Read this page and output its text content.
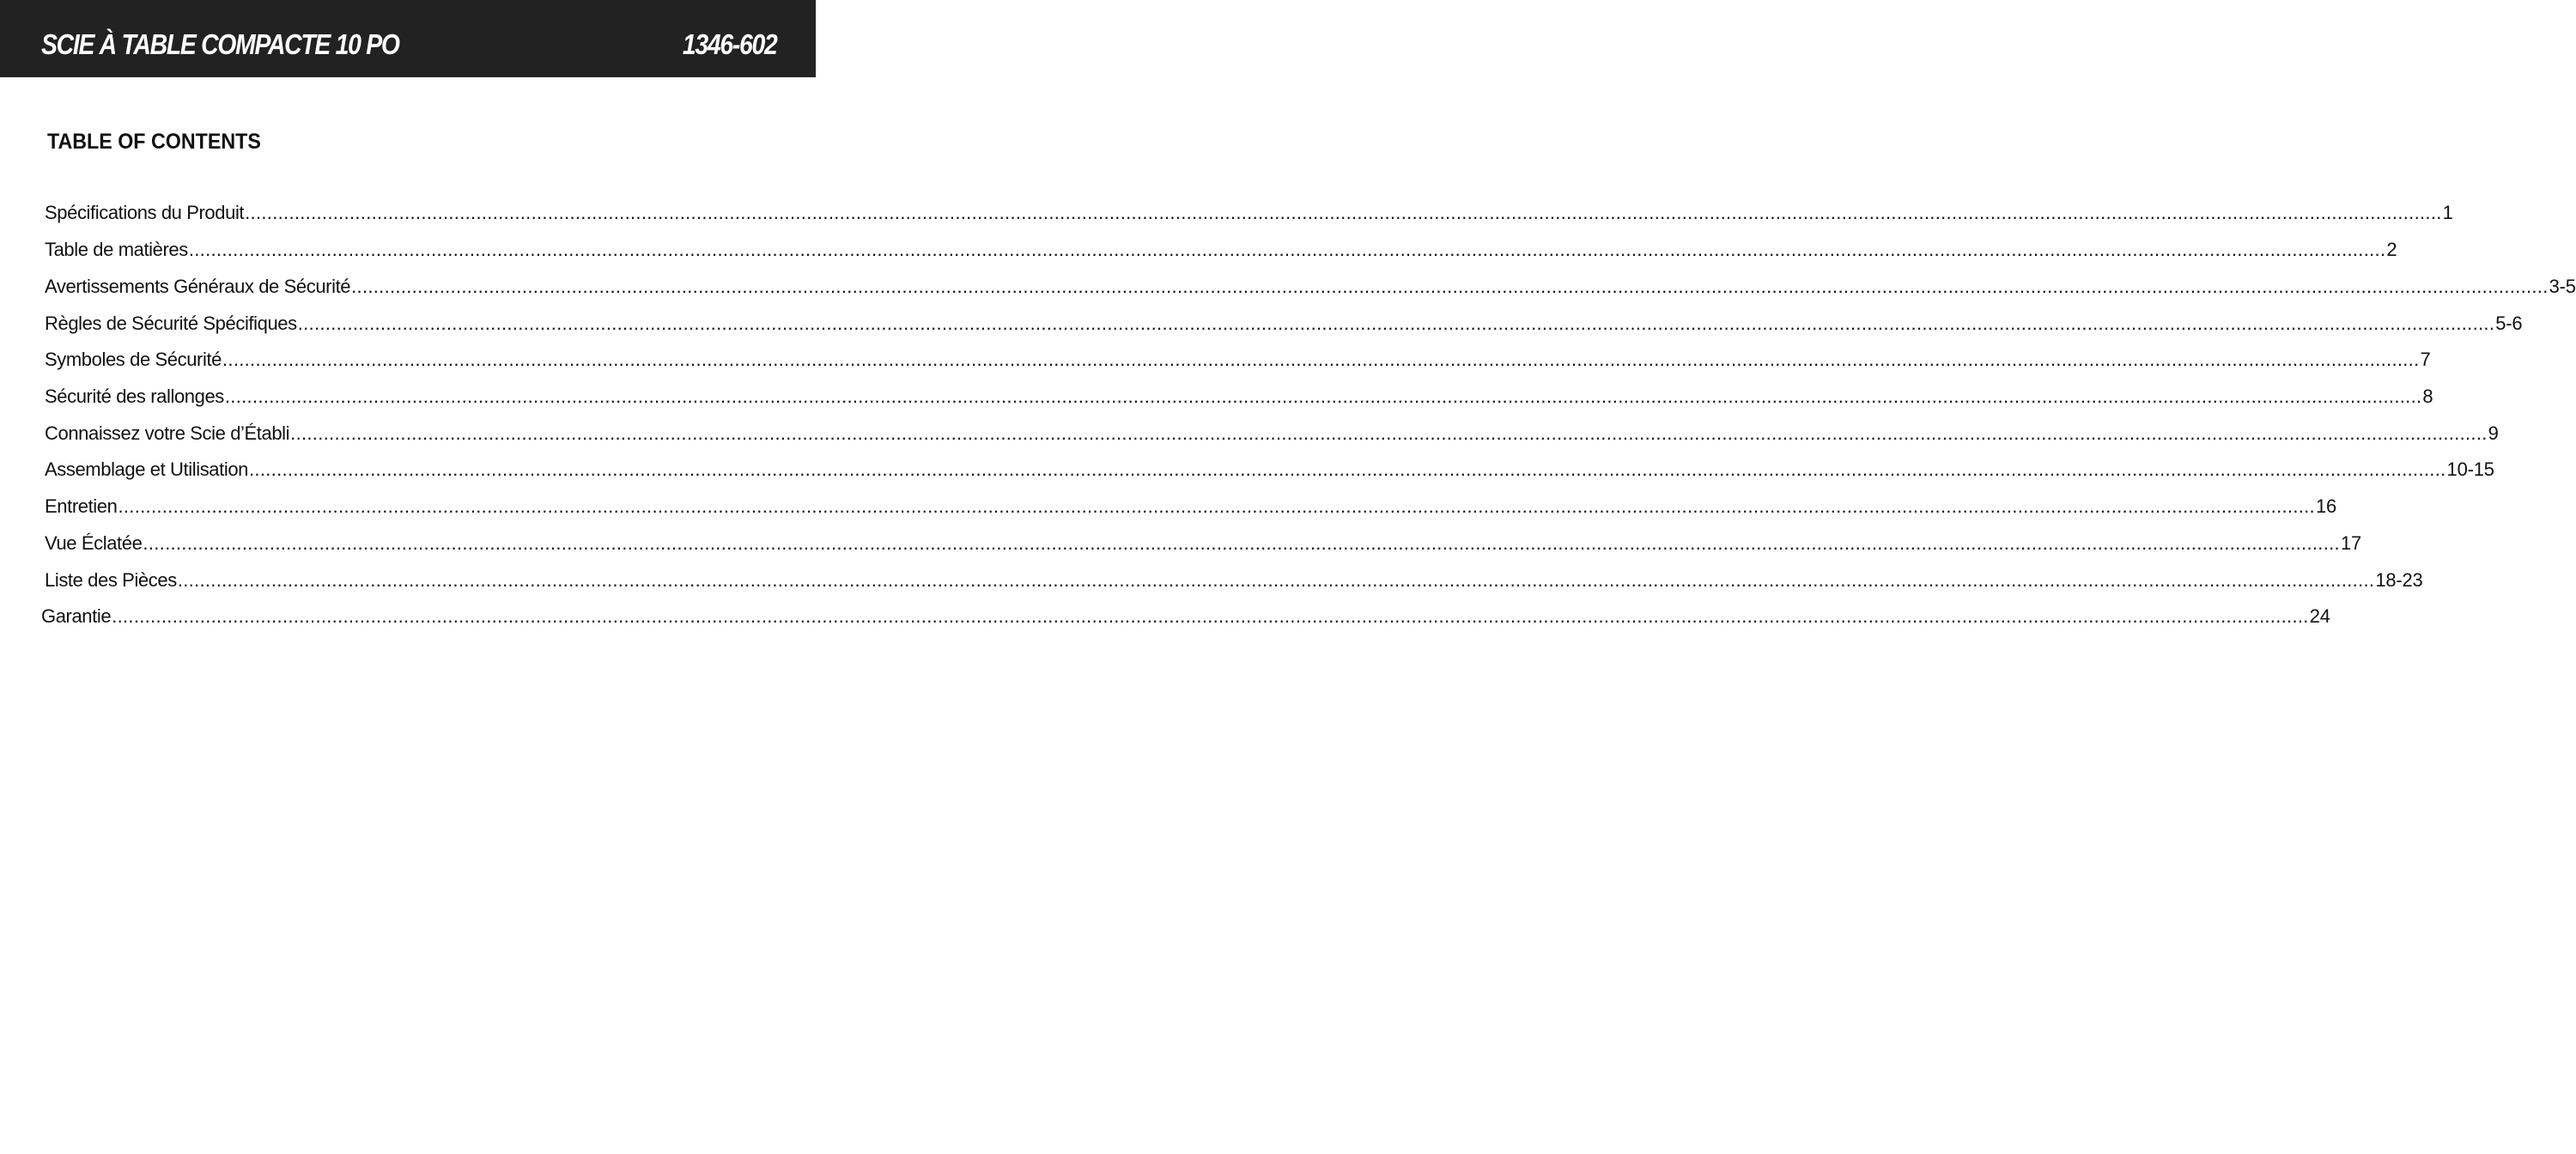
SCIE À TABLE COMPACTE 10 PO	1346-602
TABLE OF CONTENTS
Spécifications du Produit ............................................................................................................................................................................................................................................................................................................................................................................................................... 1
Table de matières ............................................................................................................................................................................................................................................................................................................................................................................................................... 2
Avertissements Généraux de Sécurité ............................................................................................................................................................................................................................................................................................................................................................................................................... 3-5
Règles de Sécurité Spécifiques ............................................................................................................................................................................................................................................................................................................................................................................................................... 5-6
Symboles de Sécurité ............................................................................................................................................................................................................................................................................................................................................................................................................... 7
Sécurité des rallonges ............................................................................................................................................................................................................................................................................................................................................................................................................... 8
Connaissez votre Scie d’Établi ............................................................................................................................................................................................................................................................................................................................................................................................................... 9
Assemblage et Utilisation ............................................................................................................................................................................................................................................................................................................................................................................................................... 10-15
Entretien ............................................................................................................................................................................................................................................................................................................................................................................................................... 16
Vue Éclatée ............................................................................................................................................................................................................................................................................................................................................................................................................... 17
Liste des Pièces ............................................................................................................................................................................................................................................................................................................................................................................................................... 18-23
Garantie ............................................................................................................................................................................................................................................................................................................................................................................................................... 24
